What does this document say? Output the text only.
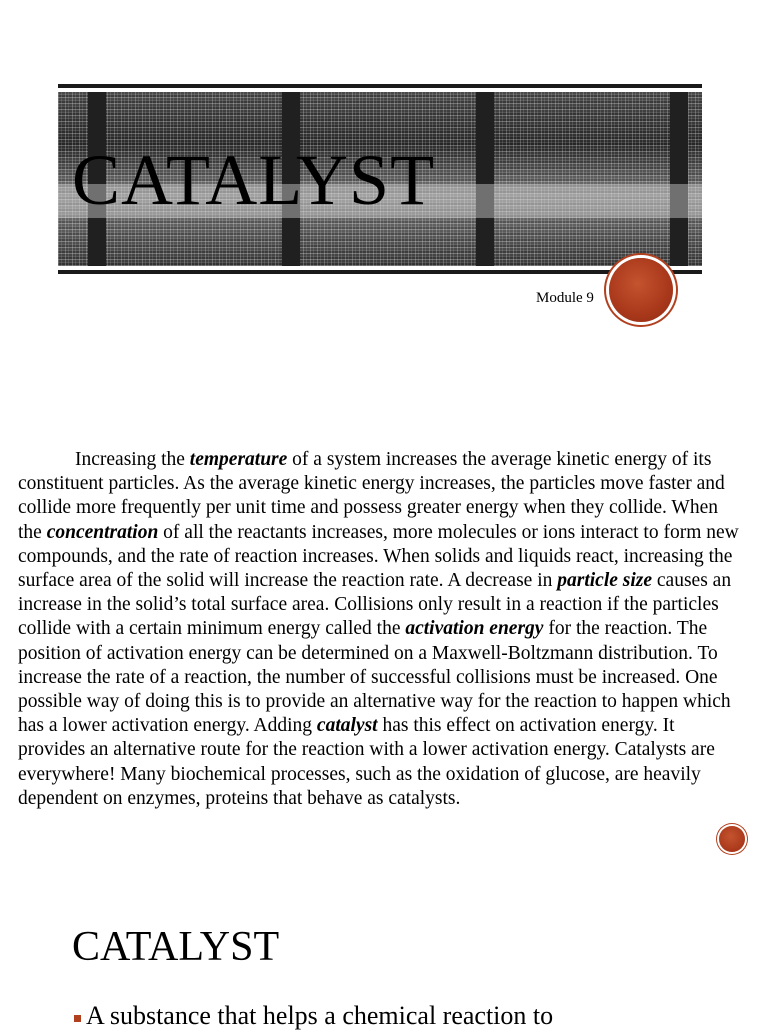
CATALYST
Module 9

Increasing the temperature of a system increases the average kinetic energy of its constituent particles. As the average kinetic energy increases, the particles move faster and collide more frequently per unit time and possess greater energy when they collide. When the concentration of all the reactants increases, more molecules or ions interact to form new compounds, and the rate of reaction increases. When solids and liquids react, increasing the surface area of the solid will increase the reaction rate. A decrease in particle size causes an increase in the solid’s total surface area. Collisions only result in a reaction if the particles collide with a certain minimum energy called the activation energy for the reaction. The position of activation energy can be determined on a Maxwell-Boltzmann distribution. To increase the rate of a reaction, the number of successful collisions must be increased. One possible way of doing this is to provide an alternative way for the reaction to happen which has a lower activation energy. Adding catalyst has this effect on activation energy. It provides an alternative route for the reaction with a lower activation energy. Catalysts are everywhere! Many biochemical processes, such as the oxidation of glucose, are heavily dependent on enzymes, proteins that behave as catalysts.

CATALYST
A substance that helps a chemical reaction to
